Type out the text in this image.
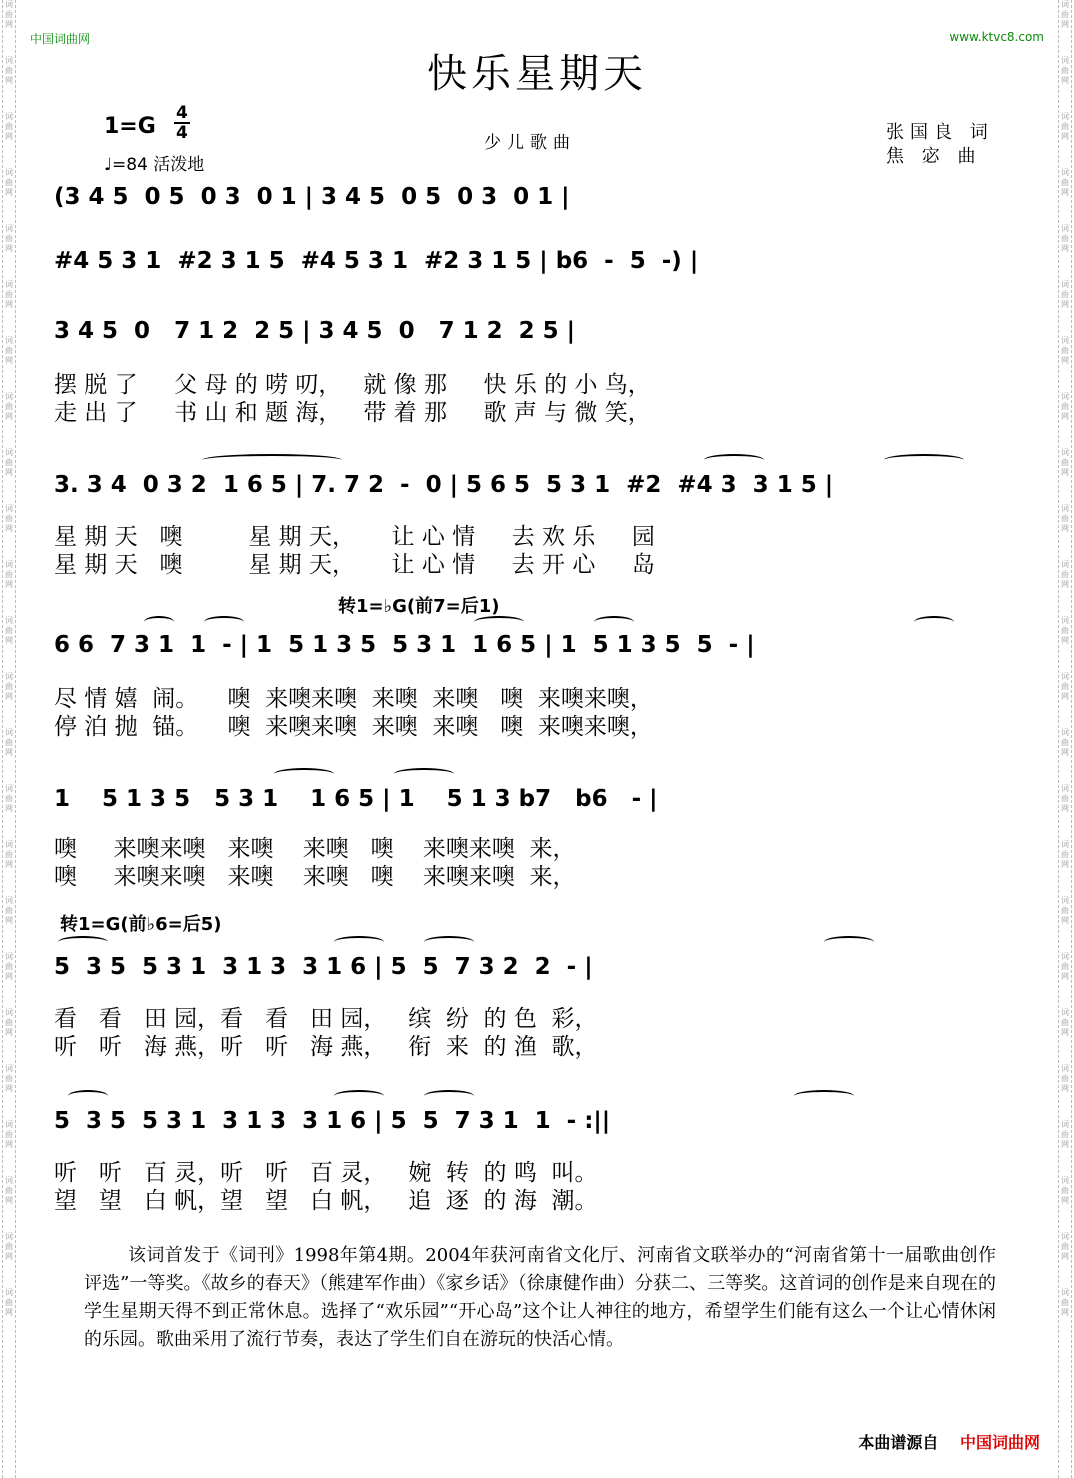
词曲网
词曲网
词曲网
词曲网
词曲网
词曲网
词曲网
词曲网
词曲网
词曲网
词曲网
词曲网
词曲网
词曲网
词曲网
词曲网
词曲网
词曲网
词曲网
词曲网
词曲网
词曲网
词曲网
词曲网
词曲网
词曲网
词曲网
词曲网
词曲网
词曲网
词曲网
词曲网
词曲网
词曲网
词曲网
词曲网
词曲网
词曲网
词曲网
词曲网
词曲网
词曲网
词曲网
词曲网
词曲网
词曲网
词曲网
词曲网
中国词曲网	www.ktvc8.com
快乐星期天
$1=G \frac{4}{4}$
♩=84 活泼地
少儿歌曲	张国良 词
焦 宓 曲
(3 4 5  0 5  0 3  0 1 | 3 4 5  0 5  0 3  0 1 |
#4 5 3 1  #2 3 1 5  #4 5 3 1  #2 3 1 5 | b6  -  5  -) |
3 4 5  0   7 1 2  2 5 | 3 4 5  0   7 1 2  2 5 |
摆 脱 了     父 母 的 唠 叨，   就 像 那     快 乐 的 小 鸟，
走 出 了     书 山 和 题 海，   带 着 那     歌 声 与 微 笑，
3. 3 4  0 3 2  1 6 5 | 7. 7 2  -  0 | 5 6 5  5 3 1  #2  #4 3  3 1 5 |
星 期 天   噢         星 期 天，     让 心 情     去 欢 乐     园
星 期 天   噢         星 期 天，     让 心 情     去 开 心     岛
转1=♭G(前7=后1)
6 6  7 3 1  1  - | 1  5 1 3 5  5 3 1  1 6 5 | 1  5 1 3 5  5  - |
尽 情 嬉  闹。    噢  来噢来噢  来噢  来噢   噢  来噢来噢，
停 泊 抛  锚。    噢  来噢来噢  来噢  来噢   噢  来噢来噢，
1    5 1 3 5   5 3 1    1 6 5 | 1    5 1 3 b7   b6   - |
噢     来噢来噢   来噢    来噢   噢    来噢来噢  来，
噢     来噢来噢   来噢    来噢   噢    来噢来噢  来，
转1=G(前♭6=后5)
5  3 5  5 3 1  3 1 3  3 1 6 | 5  5  7 3 2  2  - |
看   看   田 园，看   看   田 园，   缤  纷  的 色  彩，
听   听   海 燕，听   听   海 燕，   衔  来  的 渔  歌，
5  3 5  5 3 1  3 1 3  3 1 6 | 5  5  7 3 1  1  - :||
听   听   百 灵，听   听   百 灵，   婉  转  的 鸣  叫。
望   望   白 帆，望   望   白 帆，   追  逐  的 海  潮。
该词首发于《词刊》1998年第4期。2004年获河南省文化厅、河南省文联举办的“河南省第十一届歌曲创作评选”一等奖。《故乡的春天》（熊建军作曲）《家乡话》（徐康健作曲）分获二、三等奖。这首词的创作是来自现在的学生星期天得不到正常休息。选择了“欢乐园”“开心岛”这个让人神往的地方，希望学生们能有这么一个让心情休闲的乐园。歌曲采用了流行节奏，表达了学生们自在游玩的快活心情。
本曲谱源自 中国词曲网
